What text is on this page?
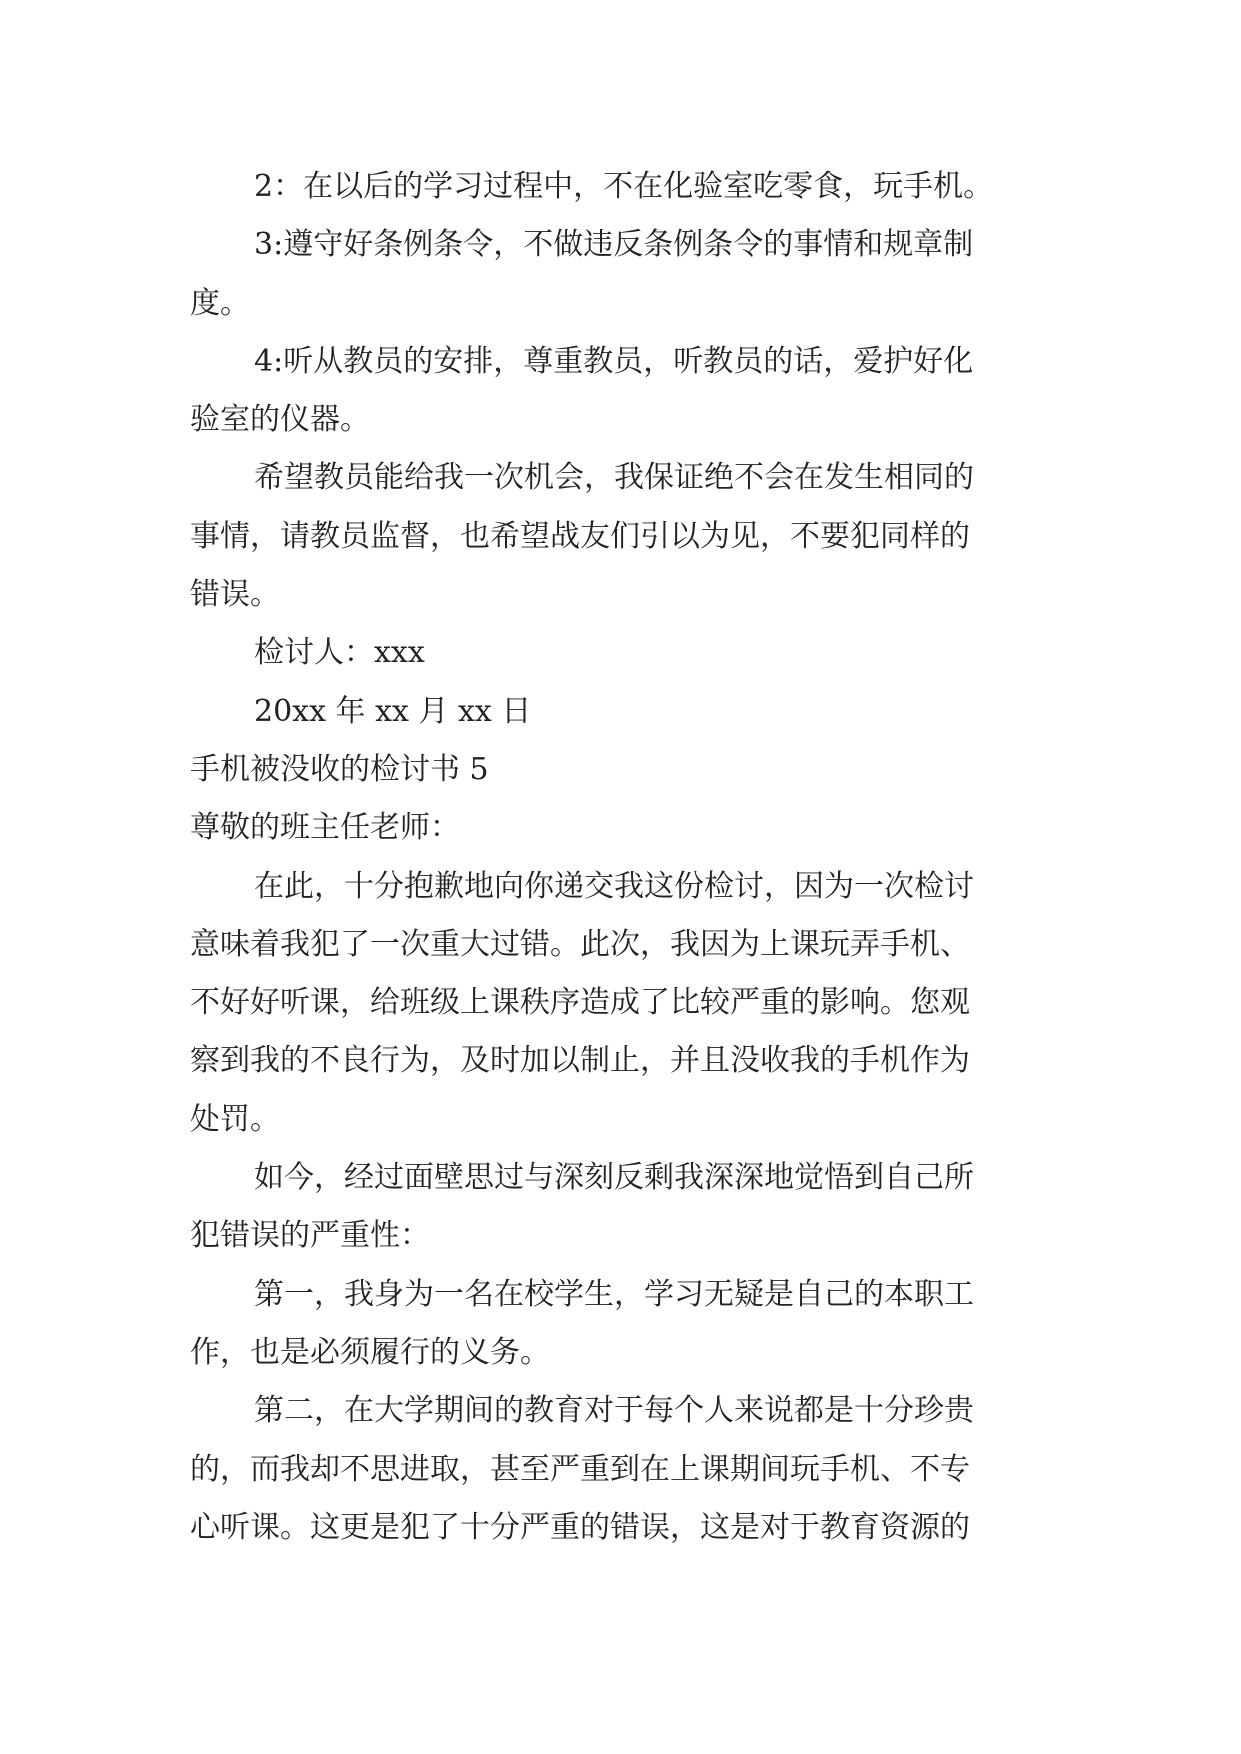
2：在以后的学习过程中，不在化验室吃零食，玩手机。
3:遵守好条例条令，不做违反条例条令的事情和规章制
度。
4:听从教员的安排，尊重教员，听教员的话，爱护好化
验室的仪器。
希望教员能给我一次机会，我保证绝不会在发生相同的
事情，请教员监督，也希望战友们引以为见，不要犯同样的
错误。
检讨人：xxx
20xx 年 xx 月 xx 日
手机被没收的检讨书 5
尊敬的班主任老师：
在此，十分抱歉地向你递交我这份检讨，因为一次检讨
意味着我犯了一次重大过错。此次，我因为上课玩弄手机、
不好好听课，给班级上课秩序造成了比较严重的影响。您观
察到我的不良行为，及时加以制止，并且没收我的手机作为
处罚。
如今，经过面壁思过与深刻反剩我深深地觉悟到自己所
犯错误的严重性：
第一，我身为一名在校学生，学习无疑是自己的本职工
作，也是必须履行的义务。
第二，在大学期间的教育对于每个人来说都是十分珍贵
的，而我却不思进取，甚至严重到在上课期间玩手机、不专
心听课。这更是犯了十分严重的错误，这是对于教育资源的
